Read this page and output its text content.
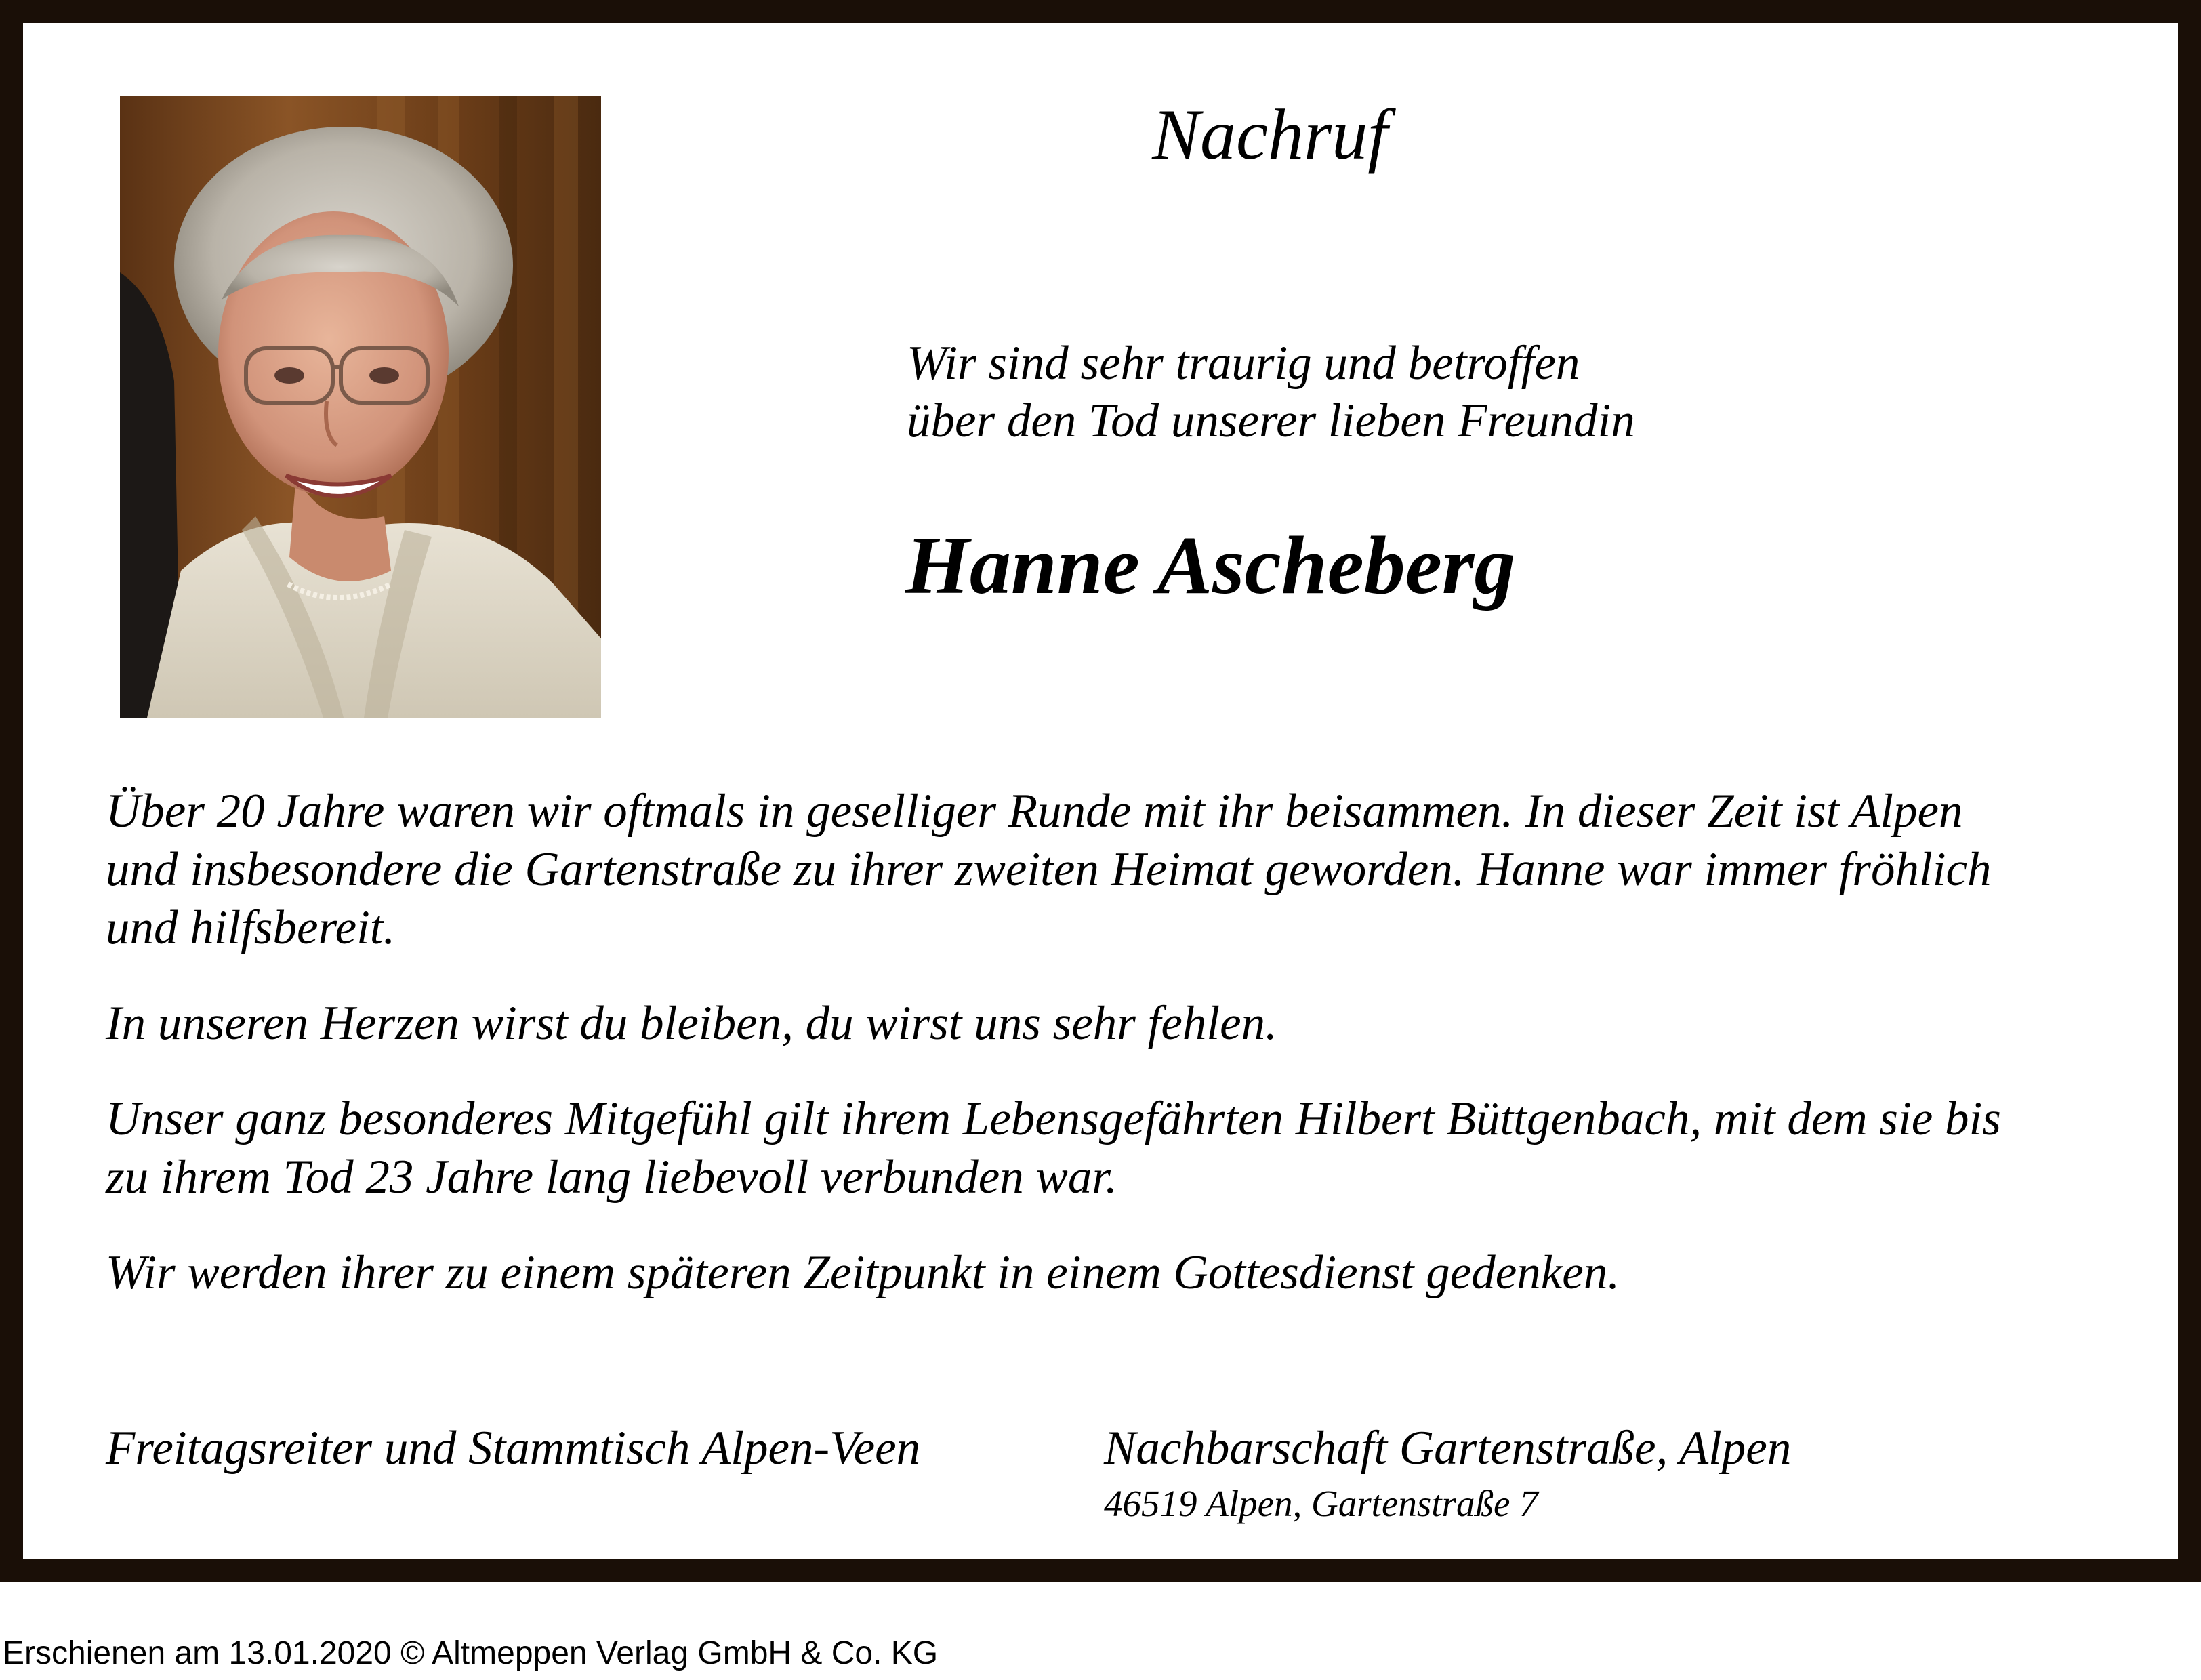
Nachruf
Wir sind sehr traurig und betroffen
über den Tod unserer lieben Freundin
Hanne Ascheberg
Über 20 Jahre waren wir oftmals in geselliger Runde mit ihr beisammen. In dieser Zeit ist Alpen
und insbesondere die Gartenstraße zu ihrer zweiten Heimat geworden. Hanne war immer fröhlich
und hilfsbereit.
In unseren Herzen wirst du bleiben, du wirst uns sehr fehlen.
Unser ganz besonderes Mitgefühl gilt ihrem Lebensgefährten Hilbert Büttgenbach, mit dem sie bis
zu ihrem Tod 23 Jahre lang liebevoll verbunden war.
Wir werden ihrer zu einem späteren Zeitpunkt in einem Gottesdienst gedenken.
Freitagsreiter und Stammtisch Alpen-Veen	Nachbarschaft Gartenstraße, Alpen
46519 Alpen, Gartenstraße 7
Erschienen am 13.01.2020 © Altmeppen Verlag GmbH & Co. KG
